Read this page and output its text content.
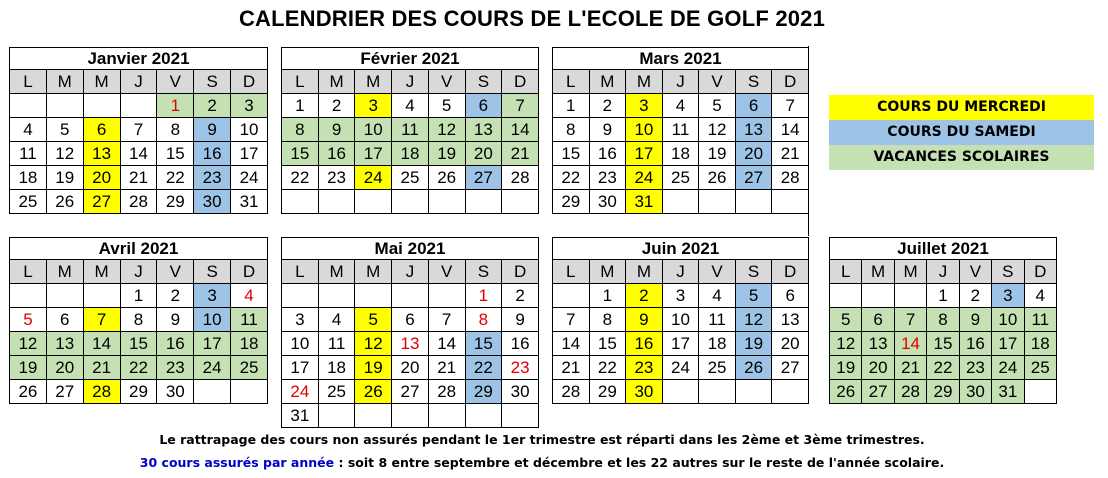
CALENDRIER DES COURS DE L'ECOLE DE GOLF 2021
Janvier 2021						
L	M	M	J	V	S	D
				1	2	3
4	5	6	7	8	9	10
11	12	13	14	15	16	17
18	19	20	21	22	23	24
25	26	27	28	29	30	31
Février 2021						
L	M	M	J	V	S	D
1	2	3	4	5	6	7
8	9	10	11	12	13	14
15	16	17	18	19	20	21
22	23	24	25	26	27	28

Mars 2021						
L	M	M	J	V	S	D
1	2	3	4	5	6	7
8	9	10	11	12	13	14
15	16	17	18	19	20	21
22	23	24	25	26	27	28
29	30	31				
Avril 2021						
L	M	M	J	V	S	D
			1	2	3	4
5	6	7	8	9	10	11
12	13	14	15	16	17	18
19	20	21	22	23	24	25
26	27	28	29	30		
Mai 2021						
L	M	M	J	V	S	D
					1	2
3	4	5	6	7	8	9
10	11	12	13	14	15	16
17	18	19	20	21	22	23
24	25	26	27	28	29	30
31						
Juin 2021						
L	M	M	J	V	S	D
	1	2	3	4	5	6
7	8	9	10	11	12	13
14	15	16	17	18	19	20
21	22	23	24	25	26	27
28	29	30				
Juillet 2021						
L	M	M	J	V	S	D
			1	2	3	4
5	6	7	8	9	10	11
12	13	14	15	16	17	18
19	20	21	22	23	24	25
26	27	28	29	30	31	
COURS DU MERCREDI
COURS DU SAMEDI
VACANCES SCOLAIRES
Le rattrapage des cours non assurés pendant le 1er trimestre est réparti dans les 2ème et 3ème trimestres.
30 cours assurés par année : soit 8 entre septembre et décembre et les 22 autres sur le reste de l'année scolaire.
